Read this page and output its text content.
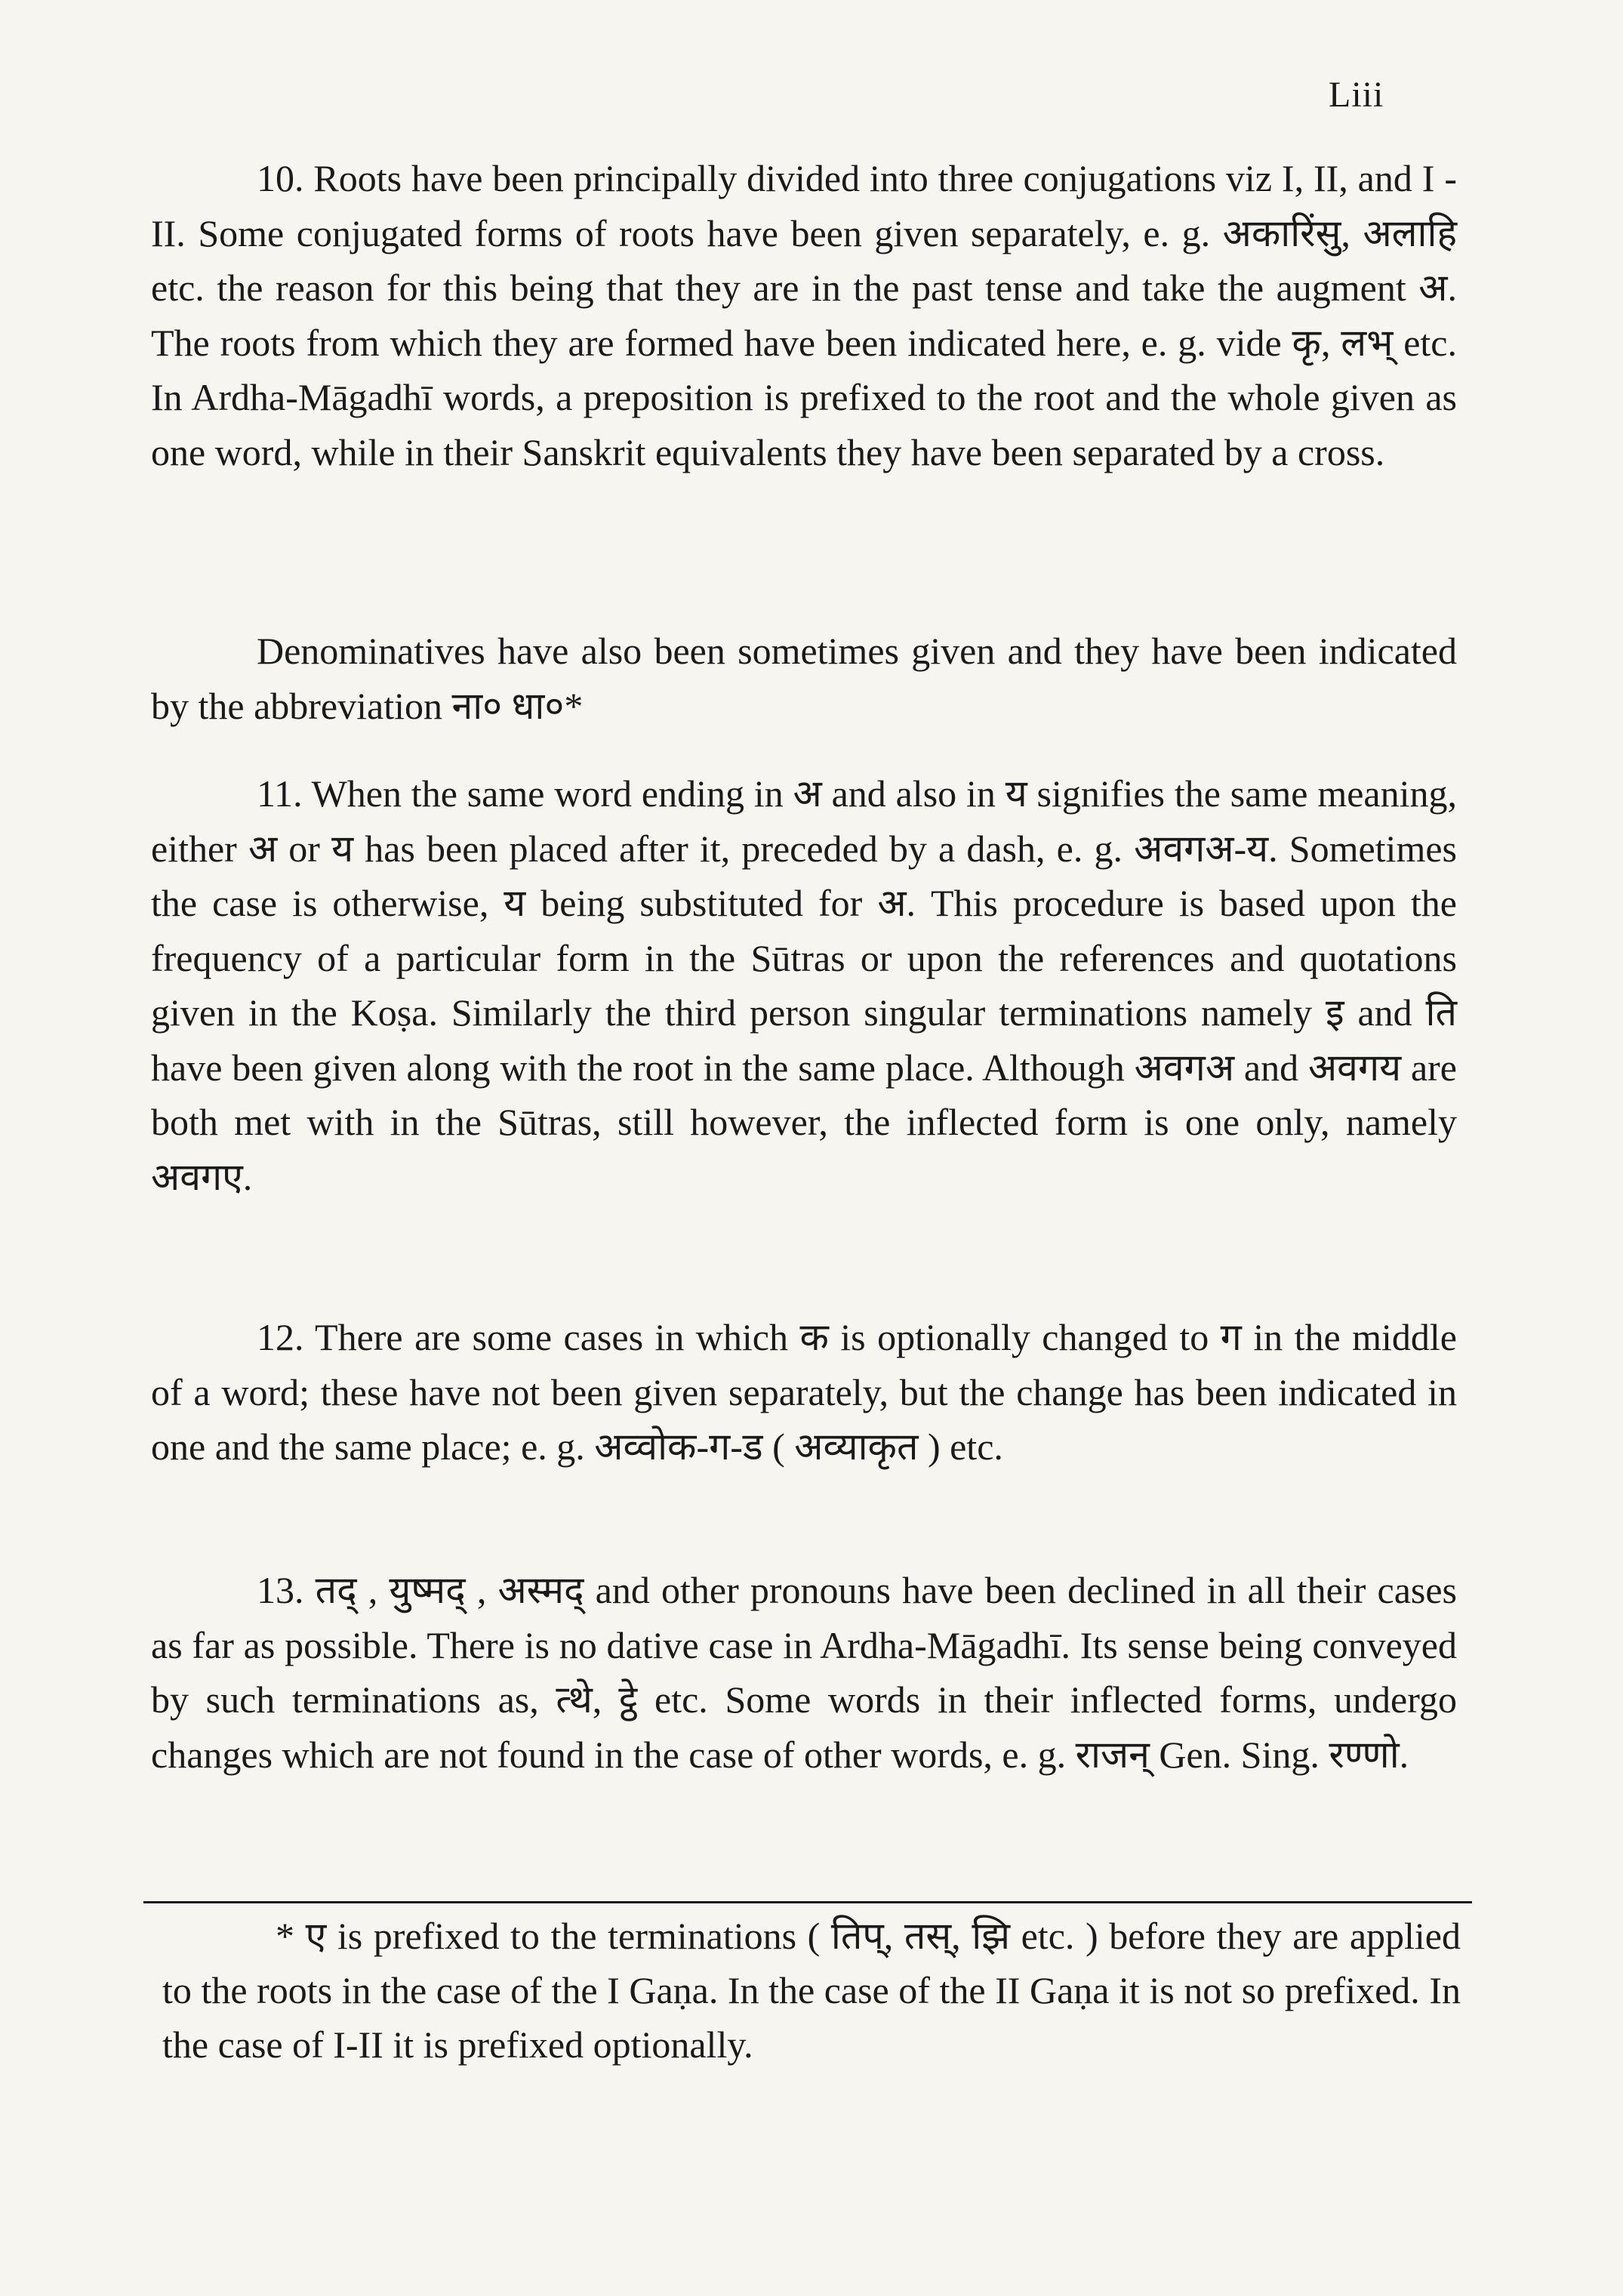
Liii

10. Roots have been principally divided into three conjugations viz I, II, and I - II. Some conjugated forms of roots have been given separately, e. g. अकारिंसु, अलाहि etc. the reason for this being that they are in the past tense and take the augment अ. The roots from which they are formed have been indicated here, e. g. vide कृ, लभ् etc. In Ardha-Māgadhī words, a preposition is prefixed to the root and the whole given as one word, while in their Sanskrit equivalents they have been separated by a cross.

Denominatives have also been sometimes given and they have been indicated by the abbreviation ना० धा०*

11. When the same word ending in अ and also in य signifies the same meaning, either अ or य has been placed after it, preceded by a dash, e. g. अवगअ-य. Sometimes the case is otherwise, य being substituted for अ. This procedure is based upon the frequency of a particular form in the Sūtras or upon the references and quotations given in the Koṣa. Similarly the third person singular terminations namely इ and ति have been given along with the root in the same place. Although अवगअ and अवगय are both met with in the Sūtras, still however, the inflected form is one only, namely अवगए.

12. There are some cases in which क is optionally changed to ग in the middle of a word; these have not been given separately, but the change has been indicated in one and the same place; e. g. अव्वोक-ग-ड ( अव्याकृत ) etc.

13. तद् , युष्मद् , अस्मद् and other pronouns have been declined in all their cases as far as possible. There is no dative case in Ardha-Māgadhī. Its sense being conveyed by such terminations as, त्थे, ट्ठे etc. Some words in their inflected forms, undergo changes which are not found in the case of other words, e. g. राजन् Gen. Sing. रण्णो.

* ए is prefixed to the terminations ( तिप्, तस्, झि etc. ) before they are applied to the roots in the case of the I Gaṇa. In the case of the II Gaṇa it is not so prefixed. In the case of I-II it is prefixed optionally.
